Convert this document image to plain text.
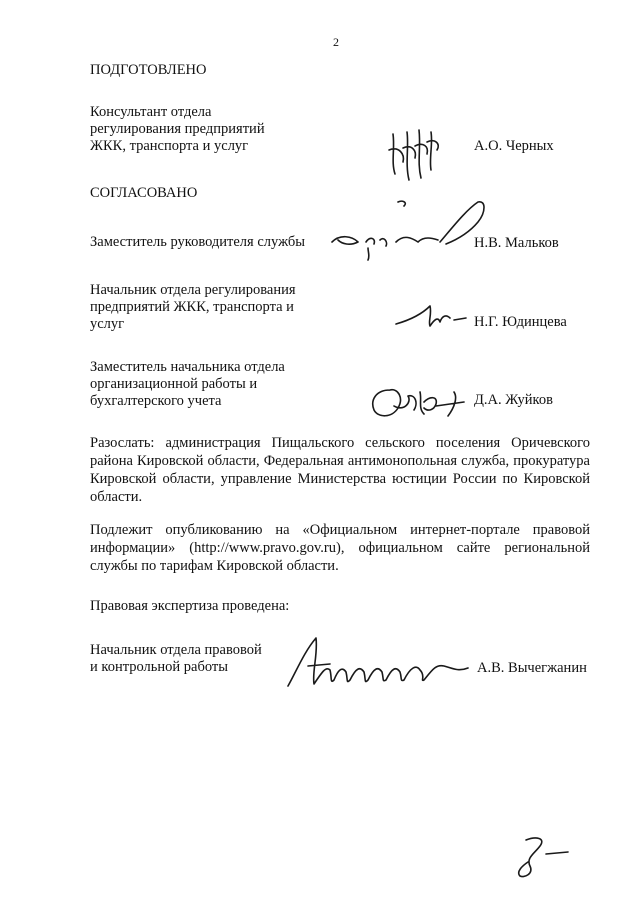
2
ПОДГОТОВЛЕНО
Консультант отдела
регулирования предприятий
ЖКК, транспорта и услуг	А.О. Черных
СОГЛАСОВАНО
Заместитель руководителя службы	Н.В. Мальков
Начальник отдела регулирования
предприятий ЖКК, транспорта и
услуг	Н.Г. Юдинцева
Заместитель начальника отдела
организационной работы и
бухгалтерского учета	Д.А. Жуйков
Разослать: администрация Пищальского сельского поселения Оричевского района Кировской области, Федеральная антимонопольная служба, прокуратура Кировской области, управление Министерства юстиции России по Кировской области.
Подлежит опубликованию на «Официальном интернет-портале правовой информации» (http://www.pravo.gov.ru), официальном сайте региональной службы по тарифам Кировской области.
Правовая экспертиза проведена:
Начальник отдела правовой
и контрольной работы	А.В. Вычегжанин
